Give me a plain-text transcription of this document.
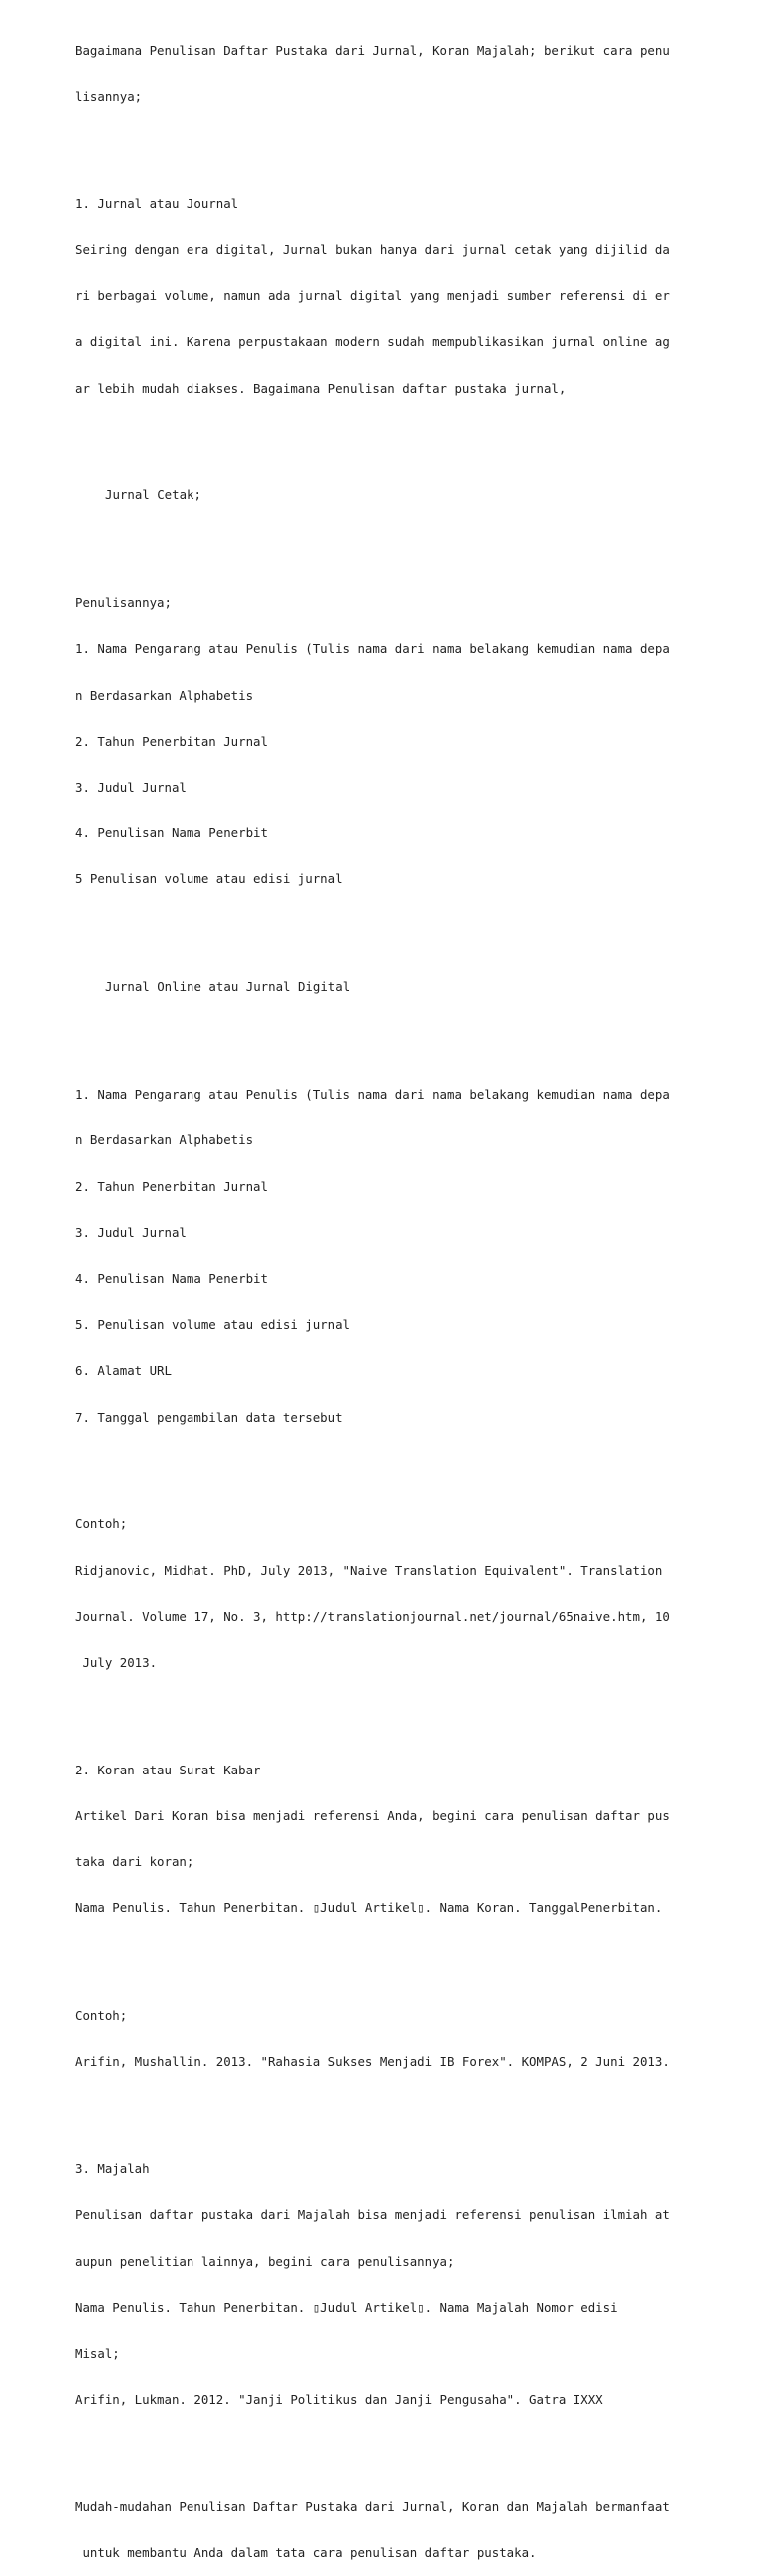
Bagaimana Penulisan Daftar Pustaka dari Jurnal, Koran Majalah; berikut cara penu

lisannya;

1. Jurnal atau Journal

Seiring dengan era digital, Jurnal bukan hanya dari jurnal cetak yang dijilid da

ri berbagai volume, namun ada jurnal digital yang menjadi sumber referensi di er

a digital ini. Karena perpustakaan modern sudah mempublikasikan jurnal online ag

ar lebih mudah diakses. Bagaimana Penulisan daftar pustaka jurnal,

Jurnal Cetak;

Penulisannya;

1. Nama Pengarang atau Penulis (Tulis nama dari nama belakang kemudian nama depa

n Berdasarkan Alphabetis

2. Tahun Penerbitan Jurnal

3. Judul Jurnal

4. Penulisan Nama Penerbit

5 Penulisan volume atau edisi jurnal

Jurnal Online atau Jurnal Digital

1. Nama Pengarang atau Penulis (Tulis nama dari nama belakang kemudian nama depa

n Berdasarkan Alphabetis

2. Tahun Penerbitan Jurnal

3. Judul Jurnal

4. Penulisan Nama Penerbit

5. Penulisan volume atau edisi jurnal

6. Alamat URL

7. Tanggal pengambilan data tersebut

Contoh;

Ridjanovic, Midhat. PhD, July 2013, "Naive Translation Equivalent". Translation

Journal. Volume 17, No. 3, http://translationjournal.net/journal/65naive.htm, 10

July 2013.

2. Koran atau Surat Kabar

Artikel Dari Koran bisa menjadi referensi Anda, begini cara penulisan daftar pus

taka dari koran;

Nama Penulis. Tahun Penerbitan. ▯Judul Artikel▯. Nama Koran. TanggalPenerbitan.

Contoh;

Arifin, Mushallin. 2013. "Rahasia Sukses Menjadi IB Forex". KOMPAS, 2 Juni 2013.

3. Majalah

Penulisan daftar pustaka dari Majalah bisa menjadi referensi penulisan ilmiah at

aupun penelitian lainnya, begini cara penulisannya;

Nama Penulis. Tahun Penerbitan. ▯Judul Artikel▯. Nama Majalah Nomor edisi

Misal;

Arifin, Lukman. 2012. "Janji Politikus dan Janji Pengusaha". Gatra IXXX

Mudah-mudahan Penulisan Daftar Pustaka dari Jurnal, Koran dan Majalah bermanfaat

untuk membantu Anda dalam tata cara penulisan daftar pustaka.
